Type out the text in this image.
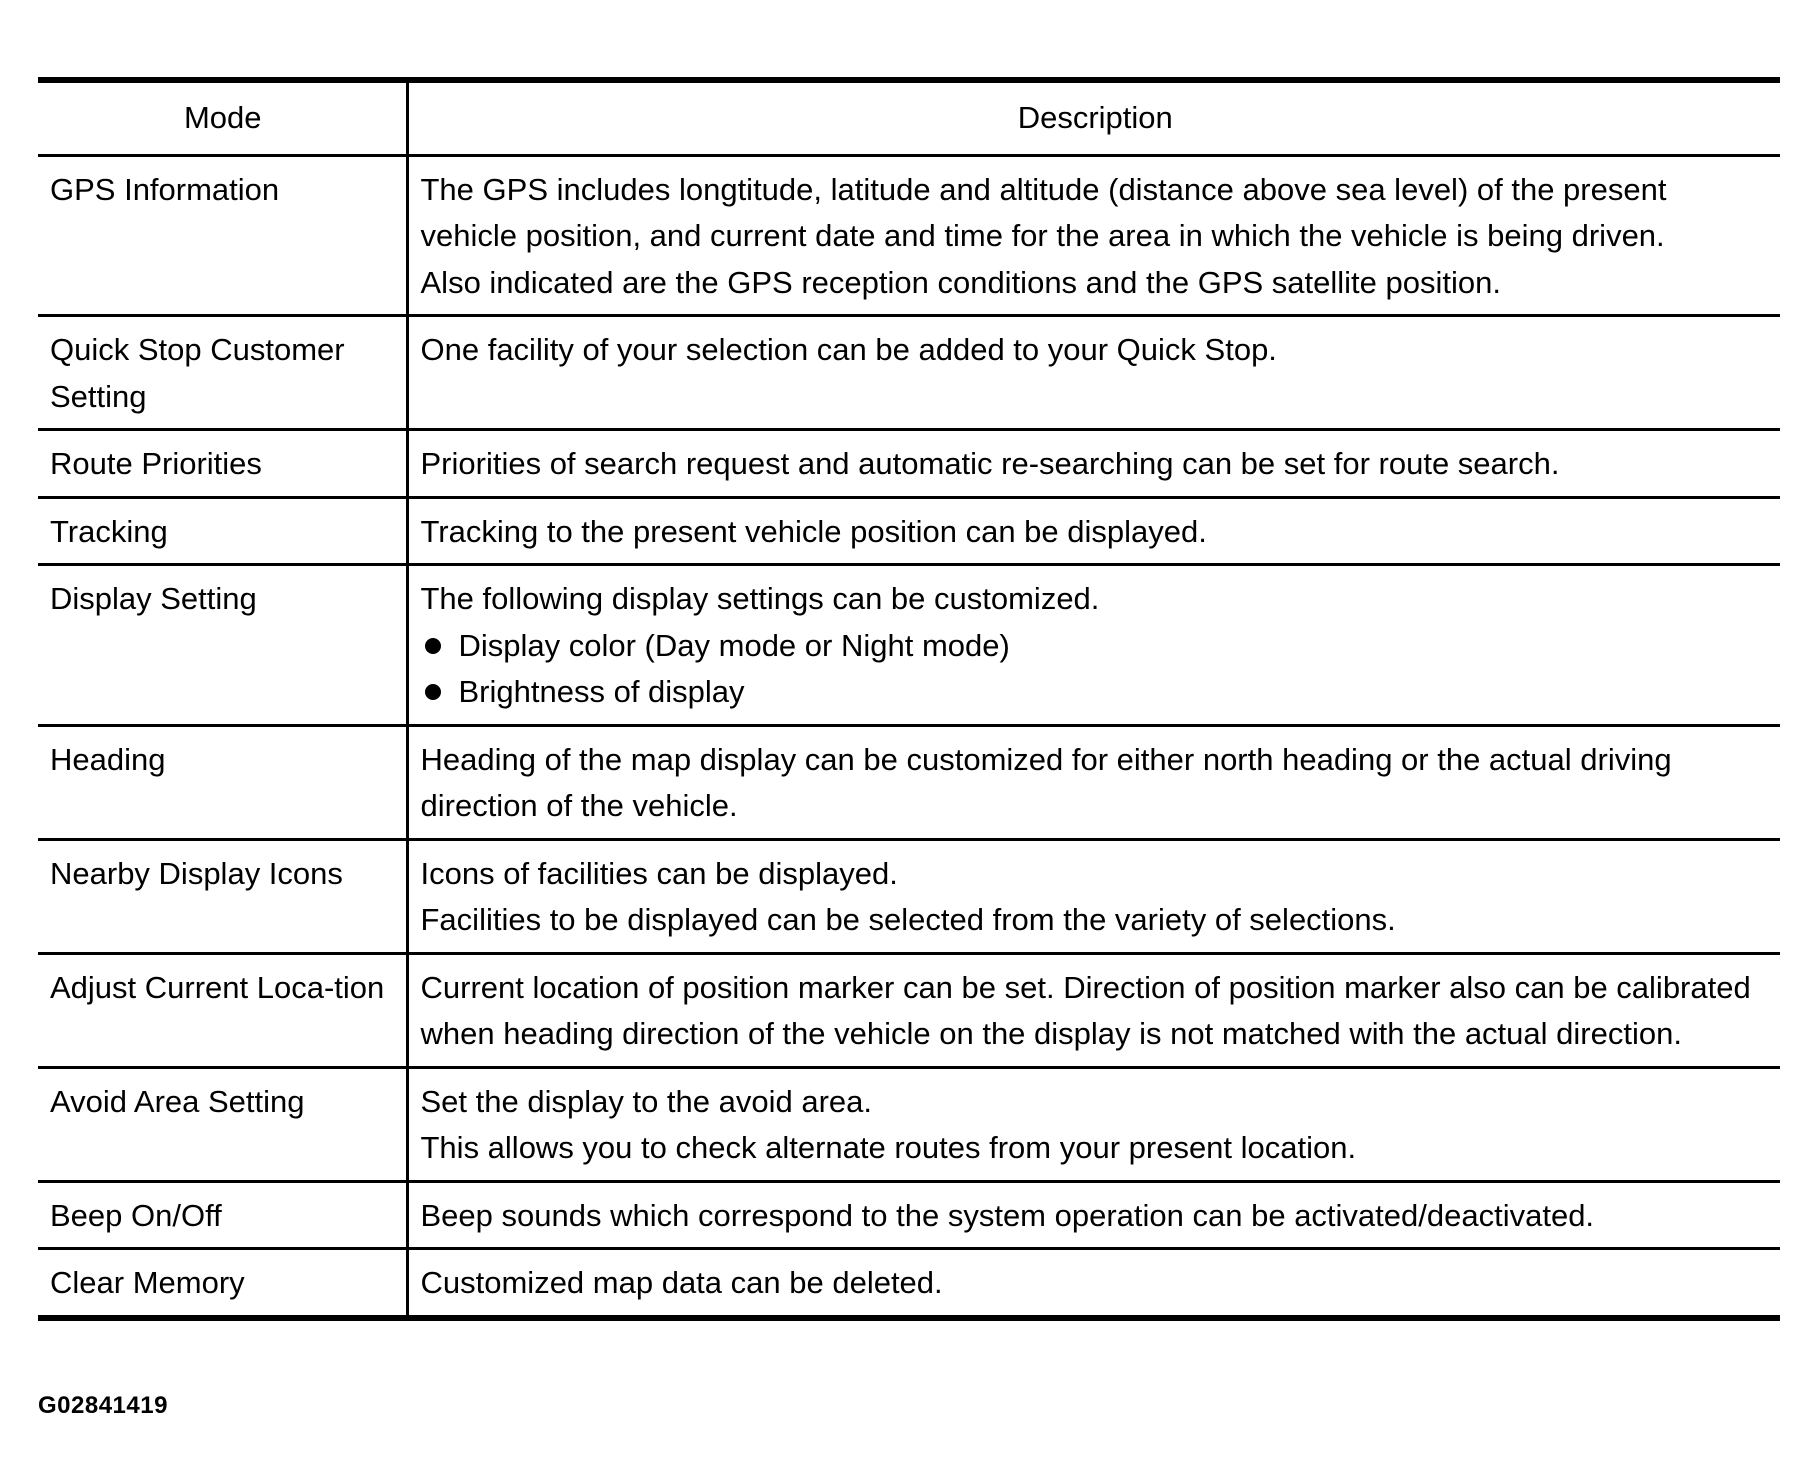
Mode	Description
GPS Information	The GPS includes longtitude, latitude and altitude (distance above sea level) of the present vehicle position, and current date and time for the area in which the vehicle is being driven.
Also indicated are the GPS reception conditions and the GPS satellite position.

Quick Stop Customer Setting	One facility of your selection can be added to your Quick Stop.

Route Priorities	Priorities of search request and automatic re-searching can be set for route search.

Tracking	Tracking to the present vehicle position can be displayed.

Display Setting	The following display settings can be customized.
Display color (Day mode or Night mode)
Brightness of display

Heading	Heading of the map display can be customized for either north heading or the actual driving direction of the vehicle.

Nearby Display Icons	Icons of facilities can be displayed.
Facilities to be displayed can be selected from the variety of selections.

Adjust Current Loca-tion	Current location of position marker can be set. Direction of position marker also can be calibrated when heading direction of the vehicle on the display is not matched with the actual direction.

Avoid Area Setting	Set the display to the avoid area.
This allows you to check alternate routes from your present location.

Beep On/Off	Beep sounds which correspond to the system operation can be activated/deactivated.

Clear Memory	Customized map data can be deleted.
G02841419
